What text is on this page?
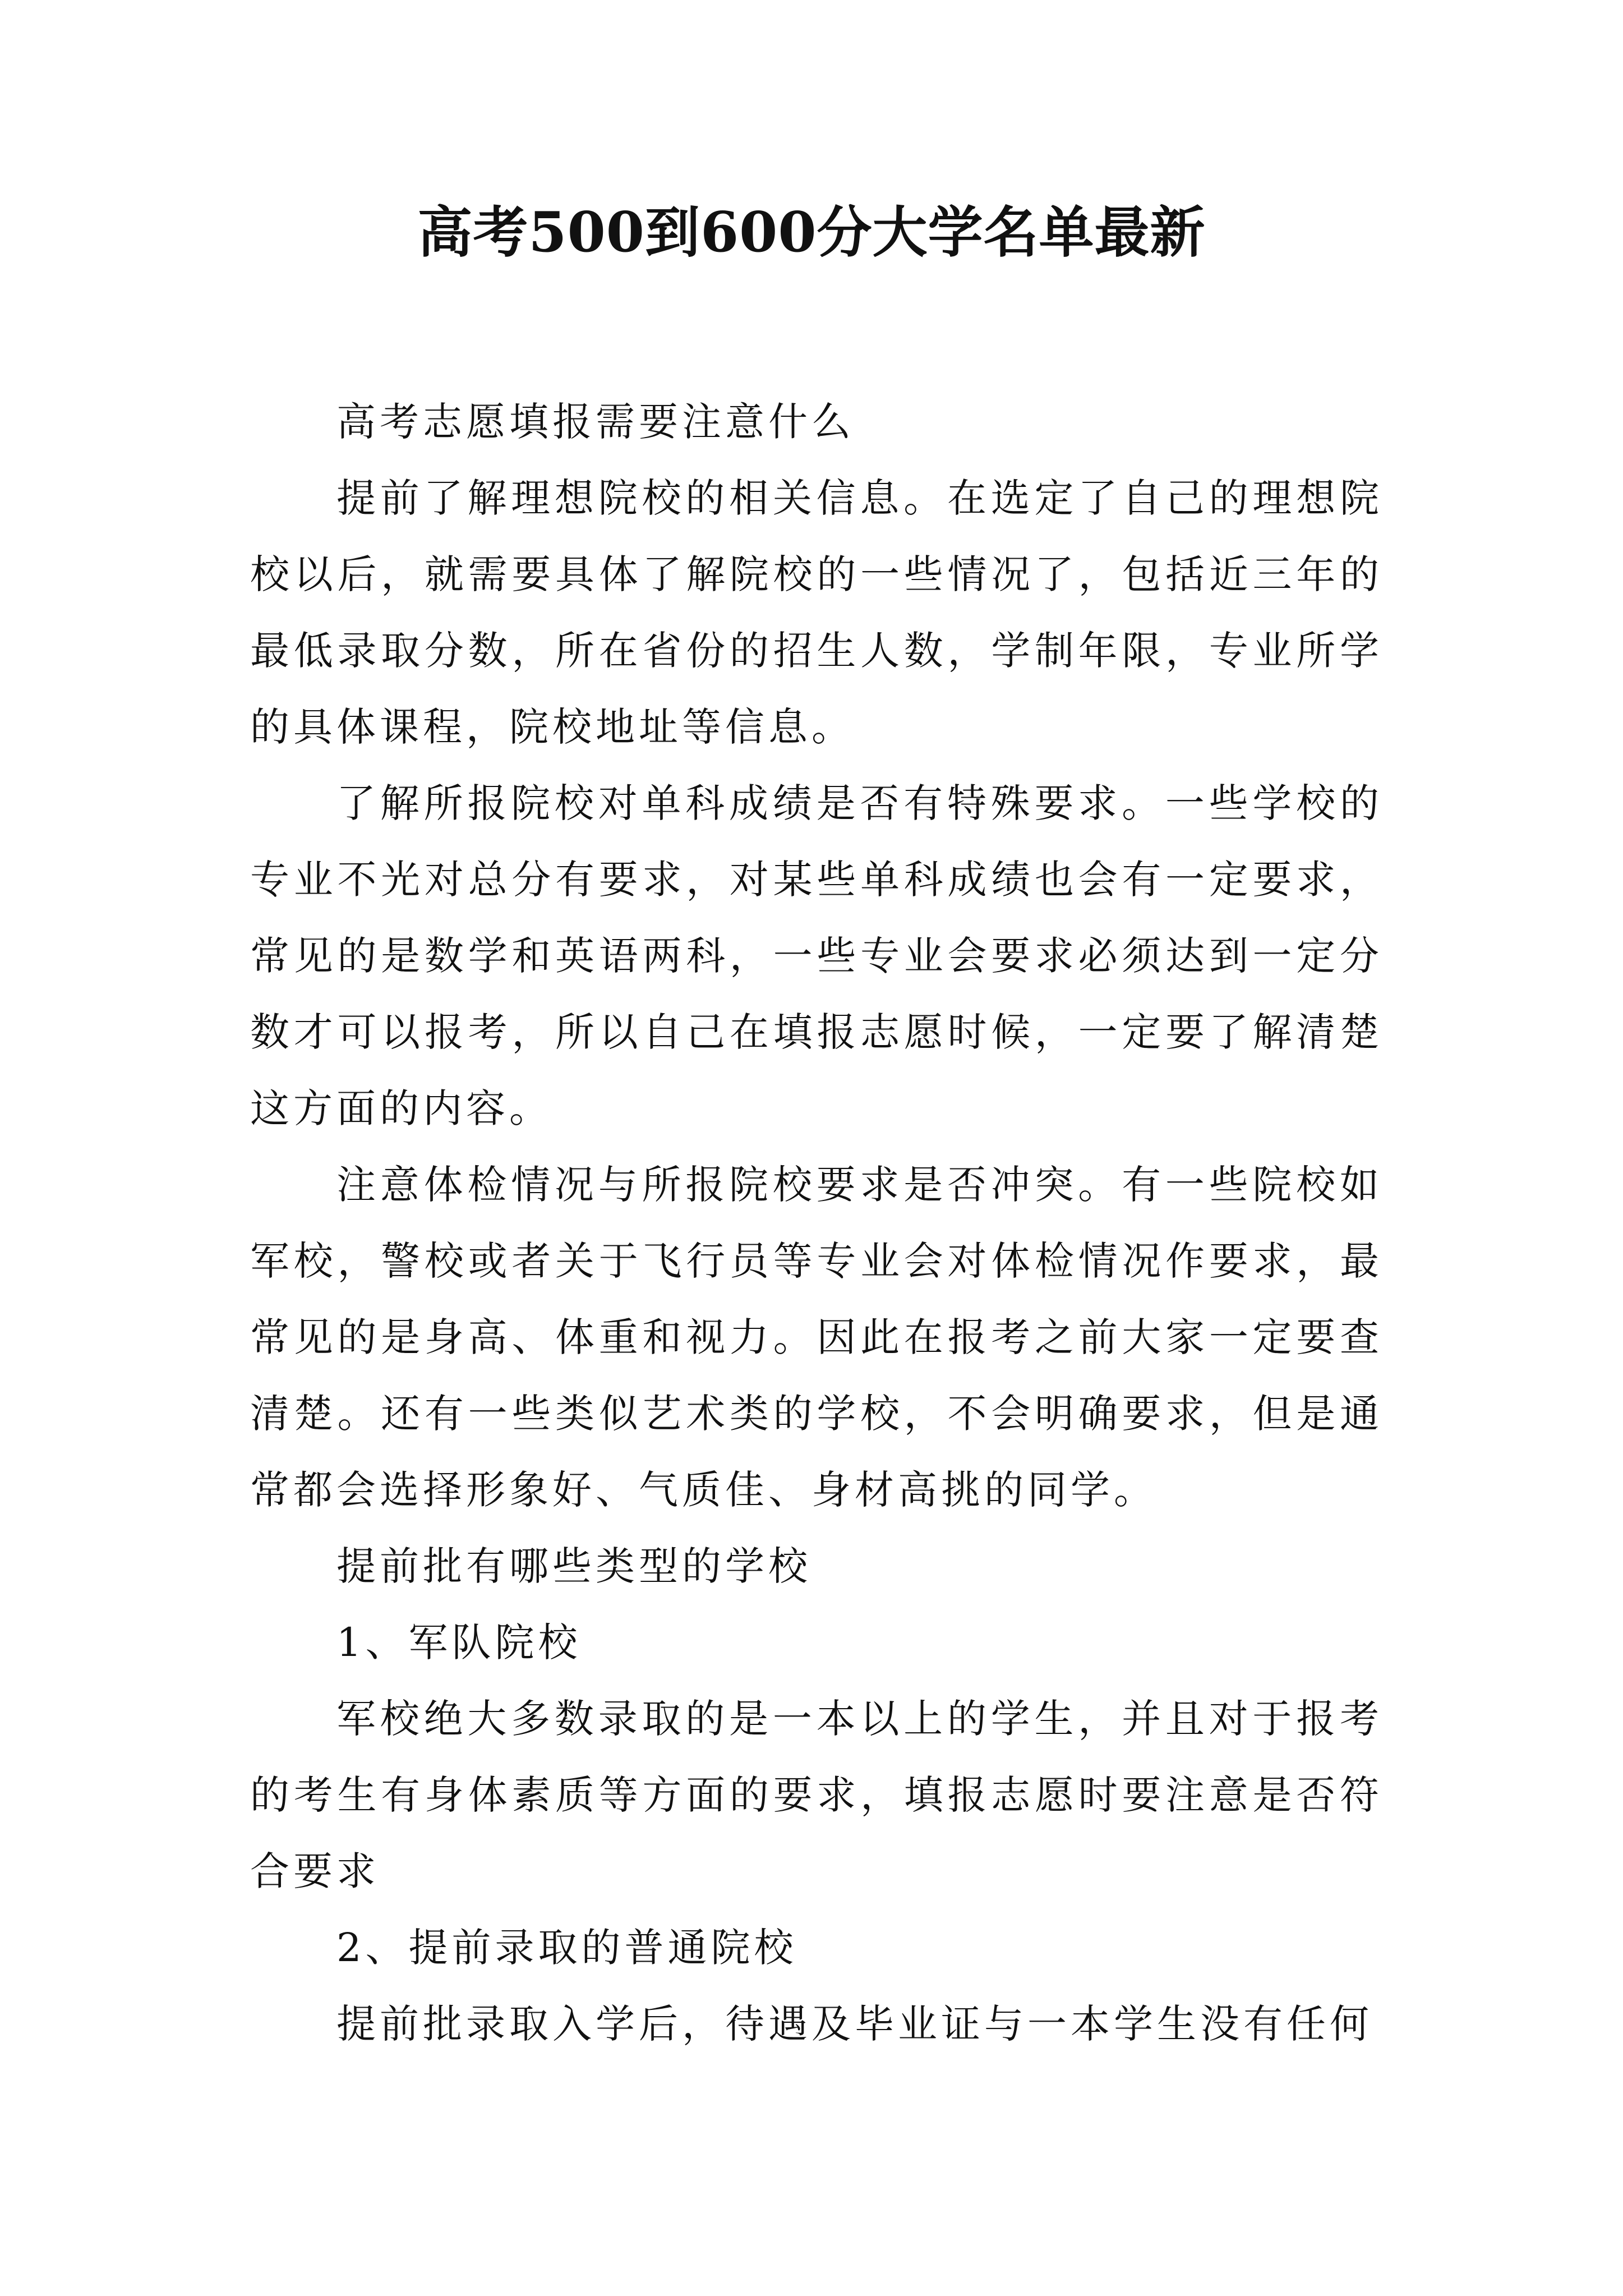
高考500到600分大学名单最新

高考志愿填报需要注意什么

提前了解理想院校的相关信息。在选定了自己的理想院校以后，就需要具体了解院校的一些情况了，包括近三年的最低录取分数，所在省份的招生人数，学制年限，专业所学的具体课程，院校地址等信息。

了解所报院校对单科成绩是否有特殊要求。一些学校的专业不光对总分有要求，对某些单科成绩也会有一定要求，常见的是数学和英语两科，一些专业会要求必须达到一定分数才可以报考，所以自己在填报志愿时候，一定要了解清楚这方面的内容。

注意体检情况与所报院校要求是否冲突。有一些院校如军校，警校或者关于飞行员等专业会对体检情况作要求，最常见的是身高、体重和视力。因此在报考之前大家一定要查清楚。还有一些类似艺术类的学校，不会明确要求，但是通常都会选择形象好、气质佳、身材高挑的同学。

提前批有哪些类型的学校

1、军队院校

军校绝大多数录取的是一本以上的学生，并且对于报考的考生有身体素质等方面的要求，填报志愿时要注意是否符合要求

2、提前录取的普通院校

提前批录取入学后，待遇及毕业证与一本学生没有任何
